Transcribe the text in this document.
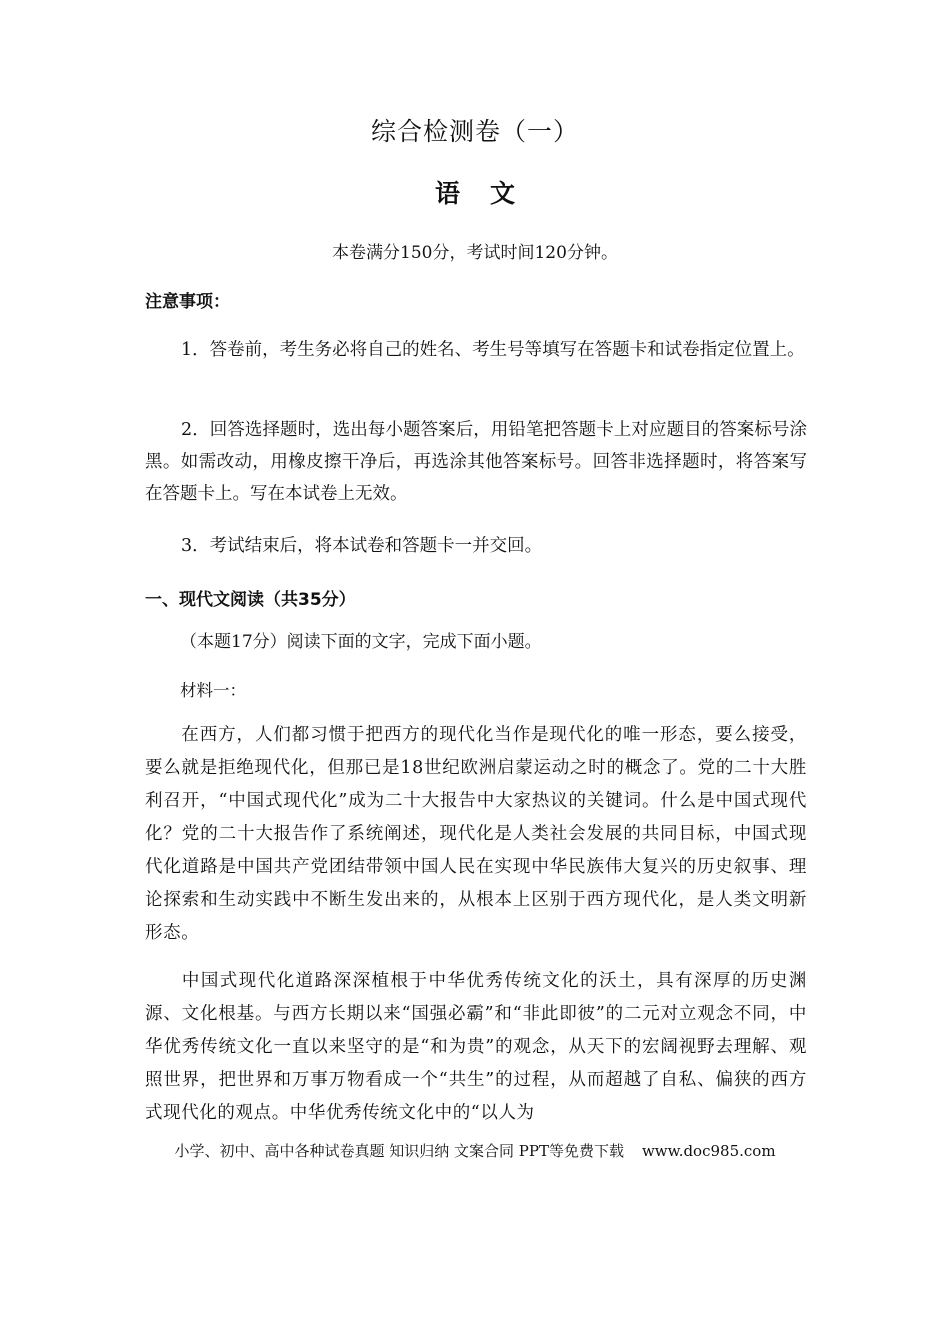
综合检测卷（一）
语 文
本卷满分150分，考试时间120分钟。
注意事项：
1．答卷前，考生务必将自己的姓名、考生号等填写在答题卡和试卷指定位置上。
2．回答选择题时，选出每小题答案后，用铅笔把答题卡上对应题目的答案标号涂黑。如需改动，用橡皮擦干净后，再选涂其他答案标号。回答非选择题时，将答案写在答题卡上。写在本试卷上无效。
3．考试结束后，将本试卷和答题卡一并交回。
一、现代文阅读（共35分）
（本题17分）阅读下面的文字，完成下面小题。
材料一：
在西方，人们都习惯于把西方的现代化当作是现代化的唯一形态，要么接受，要么就是拒绝现代化，但那已是18世纪欧洲启蒙运动之时的概念了。党的二十大胜利召开，“中国式现代化”成为二十大报告中大家热议的关键词。什么是中国式现代化？党的二十大报告作了系统阐述，现代化是人类社会发展的共同目标，中国式现代化道路是中国共产党团结带领中国人民在实现中华民族伟大复兴的历史叙事、理论探索和生动实践中不断生发出来的，从根本上区别于西方现代化，是人类文明新形态。
中国式现代化道路深深植根于中华优秀传统文化的沃土，具有深厚的历史渊源、文化根基。与西方长期以来“国强必霸”和“非此即彼”的二元对立观念不同，中华优秀传统文化一直以来坚守的是“和为贵”的观念，从天下的宏阔视野去理解、观照世界，把世界和万事万物看成一个“共生”的过程，从而超越了自私、偏狭的西方式现代化的观点。中华优秀传统文化中的“以人为
小学、初中、高中各种试卷真题 知识归纳 文案合同 PPT等免费下载 www.doc985.com
